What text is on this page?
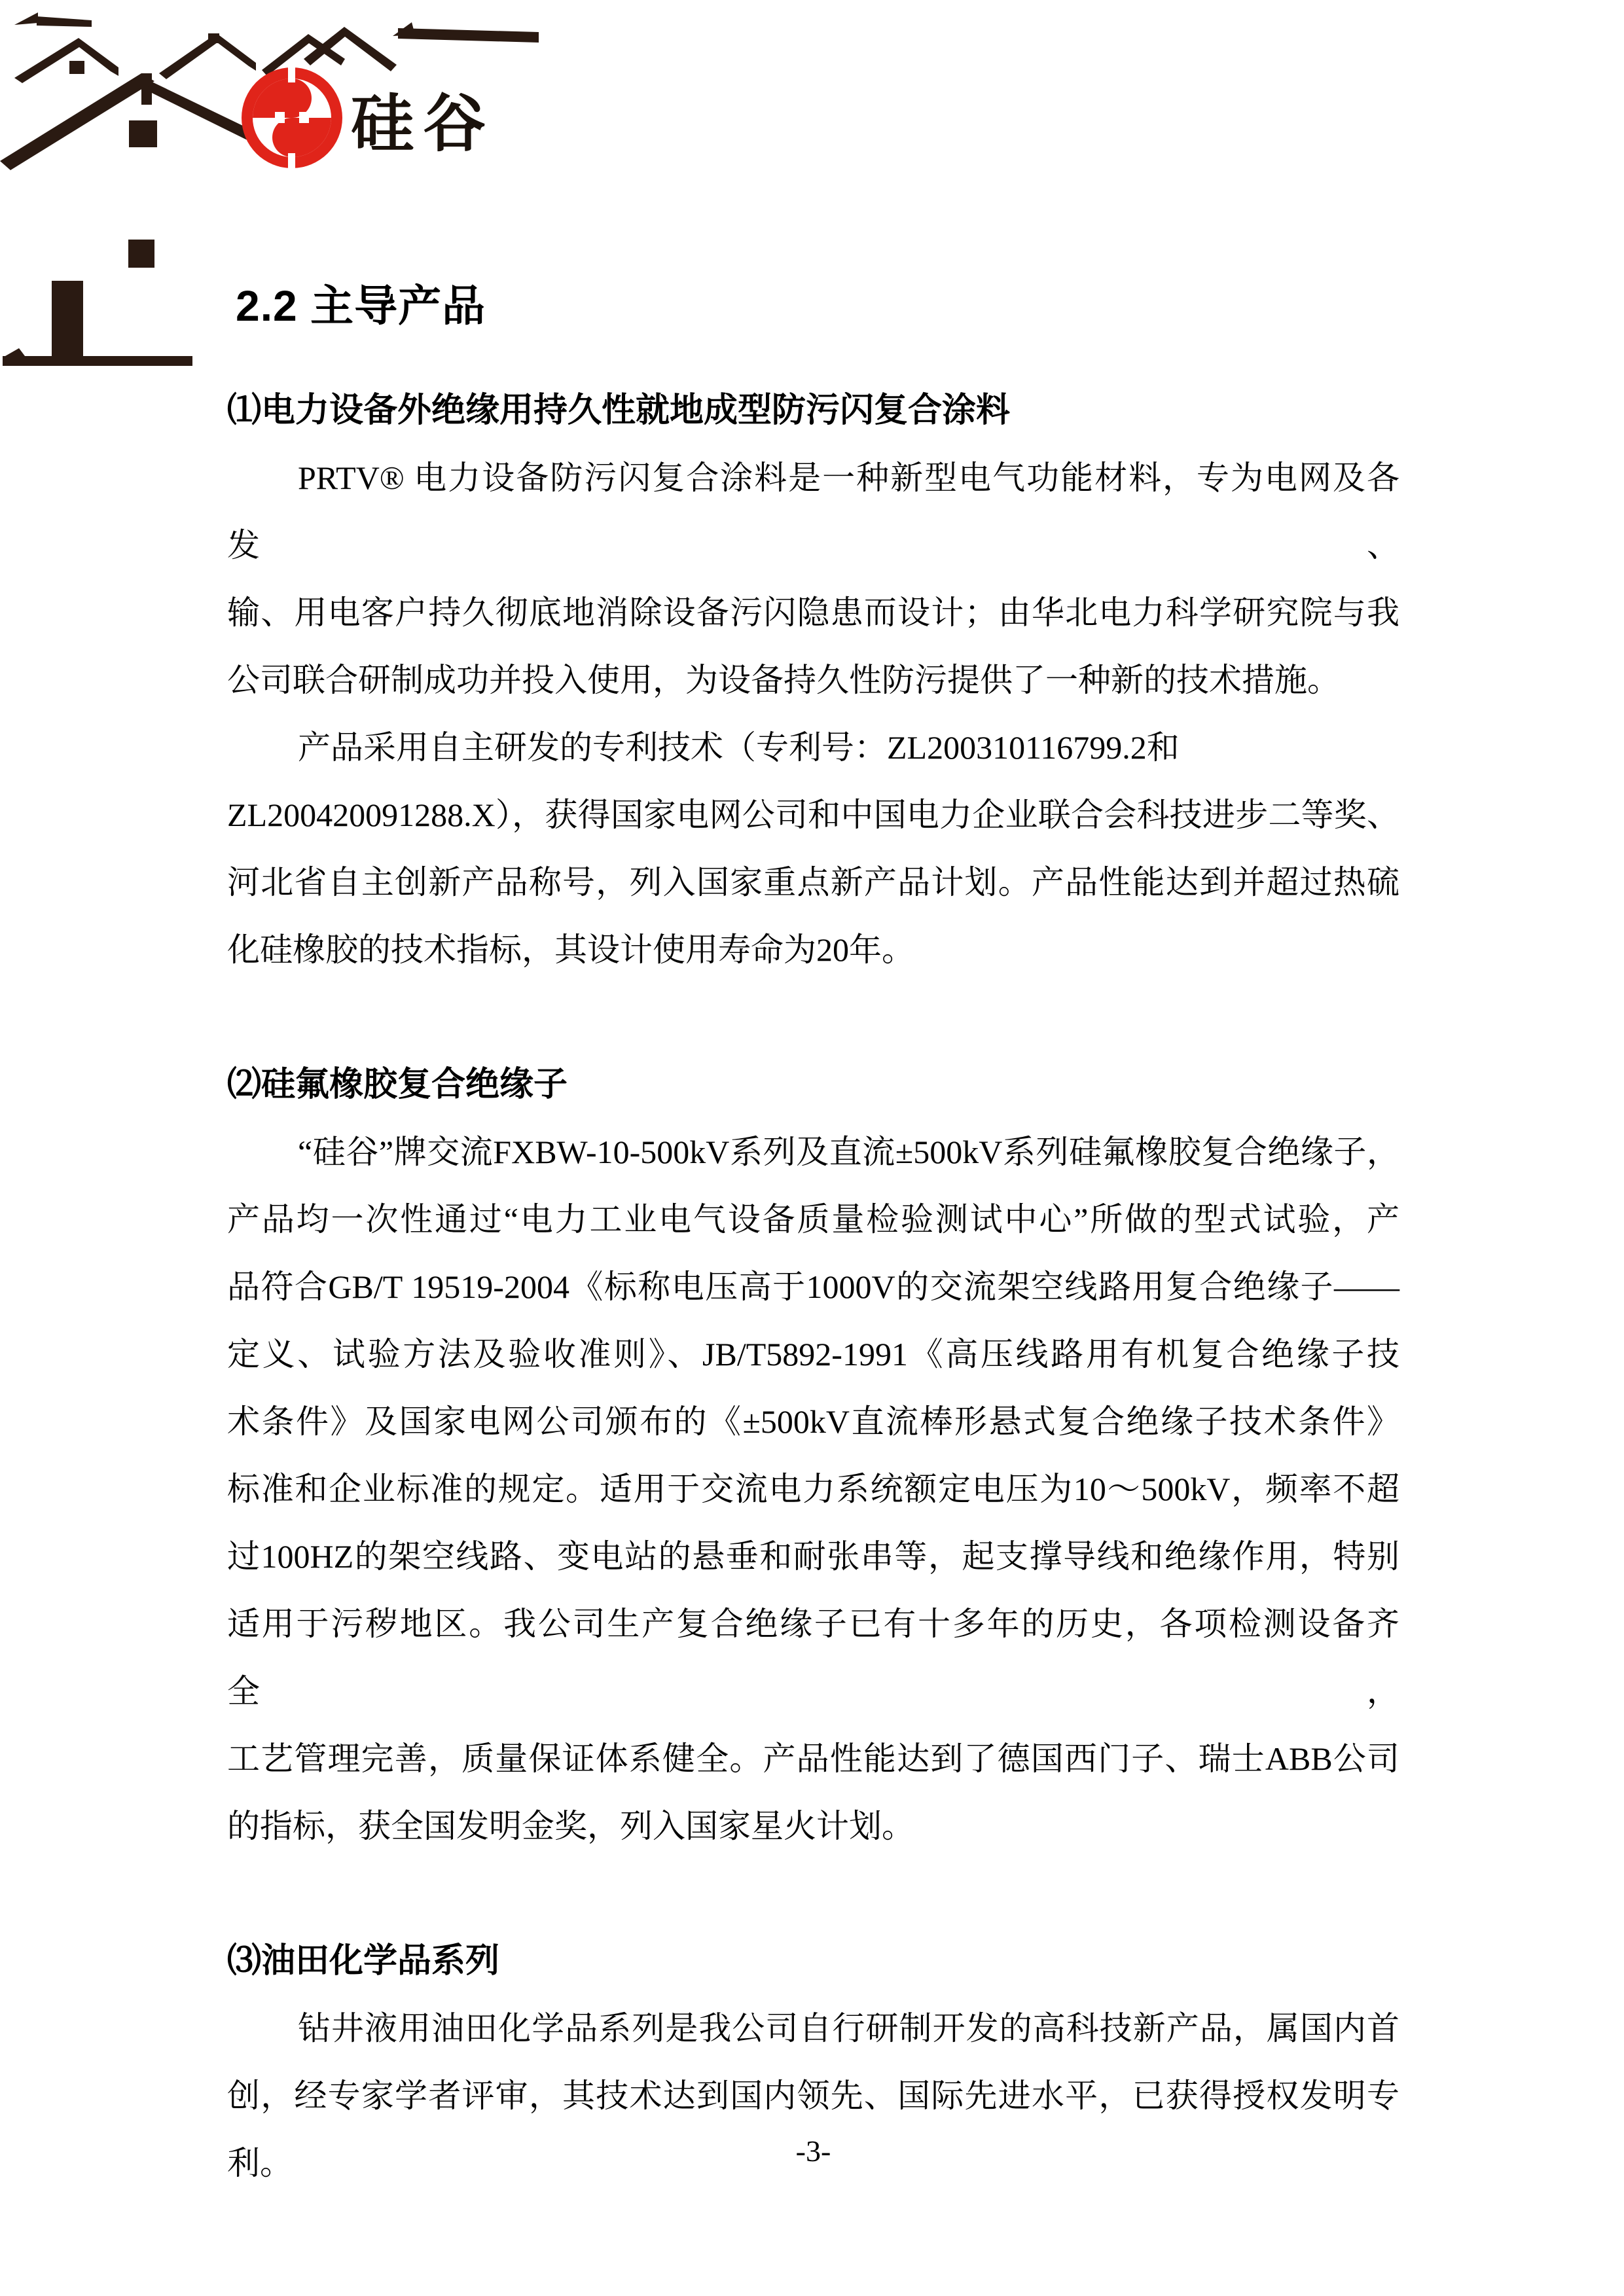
硅谷
2.2 主导产品
⑴电力设备外绝缘用持久性就地成型防污闪复合涂料
PRTV® 电力设备防污闪复合涂料是一种新型电气功能材料，专为电网及各发、
输、用电客户持久彻底地消除设备污闪隐患而设计；由华北电力科学研究院与我
公司联合研制成功并投入使用，为设备持久性防污提供了一种新的技术措施。
产品采用自主研发的专利技术（专利号：ZL200310116799.2和
ZL200420091288.X），获得国家电网公司和中国电力企业联合会科技进步二等奖、
河北省自主创新产品称号，列入国家重点新产品计划。产品性能达到并超过热硫
化硅橡胶的技术指标，其设计使用寿命为20年。
⑵硅氟橡胶复合绝缘子
“硅谷”牌交流FXBW-10-500kV系列及直流±500kV系列硅氟橡胶复合绝缘子，
产品均一次性通过“电力工业电气设备质量检验测试中心”所做的型式试验，产
品符合GB/T 19519-2004《标称电压高于1000V的交流架空线路用复合绝缘子——
定义、试验方法及验收准则》、JB/T5892-1991《高压线路用有机复合绝缘子技
术条件》及国家电网公司颁布的《±500kV直流棒形悬式复合绝缘子技术条件》
标准和企业标准的规定。适用于交流电力系统额定电压为10～500kV，频率不超
过100HZ的架空线路、变电站的悬垂和耐张串等，起支撑导线和绝缘作用，特别
适用于污秽地区。我公司生产复合绝缘子已有十多年的历史，各项检测设备齐全，
工艺管理完善，质量保证体系健全。产品性能达到了德国西门子、瑞士ABB公司
的指标，获全国发明金奖，列入国家星火计划。
⑶油田化学品系列
钻井液用油田化学品系列是我公司自行研制开发的高科技新产品，属国内首
创，经专家学者评审，其技术达到国内领先、国际先进水平，已获得授权发明专
利。	-3-
